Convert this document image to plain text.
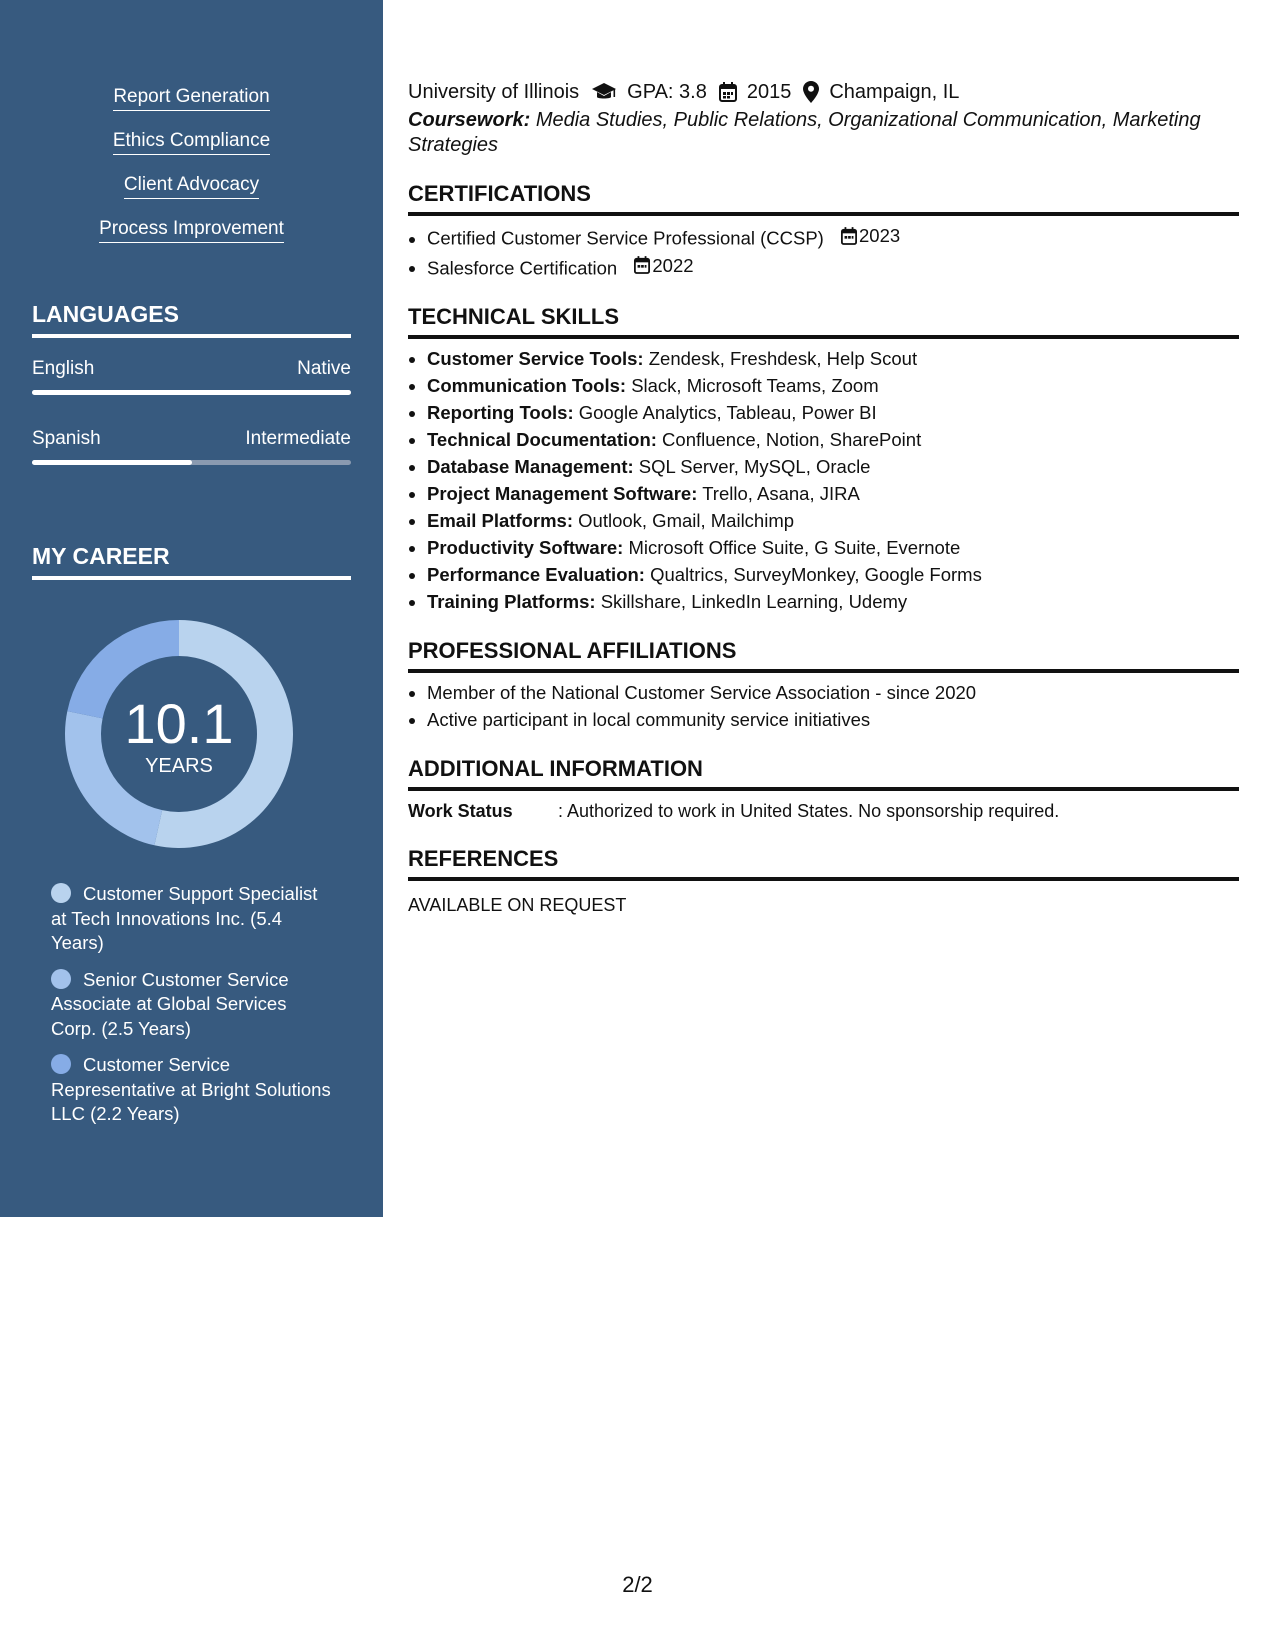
Report Generation
Ethics Compliance
Client Advocacy
Process Improvement
LANGUAGES
English	Native
Spanish	Intermediate
MY CAREER
10.1
YEARS
Customer Support Specialist at Tech Innovations Inc. (5.4 Years)
Senior Customer Service Associate at Global Services Corp. (2.5 Years)
Customer Service Representative at Bright Solutions LLC (2.2 Years)
University of Illinois GPA: 3.8 2015 Champaign, IL
Coursework: Media Studies, Public Relations, Organizational Communication, Marketing Strategies
CERTIFICATIONS
• Certified Customer Service Professional (CCSP) 2023
• Salesforce Certification 2022
TECHNICAL SKILLS
• Customer Service Tools: Zendesk, Freshdesk, Help Scout
• Communication Tools: Slack, Microsoft Teams, Zoom
• Reporting Tools: Google Analytics, Tableau, Power BI
• Technical Documentation: Confluence, Notion, SharePoint
• Database Management: SQL Server, MySQL, Oracle
• Project Management Software: Trello, Asana, JIRA
• Email Platforms: Outlook, Gmail, Mailchimp
• Productivity Software: Microsoft Office Suite, G Suite, Evernote
• Performance Evaluation: Qualtrics, SurveyMonkey, Google Forms
• Training Platforms: Skillshare, LinkedIn Learning, Udemy
PROFESSIONAL AFFILIATIONS
• Member of the National Customer Service Association - since 2020
• Active participant in local community service initiatives
ADDITIONAL INFORMATION
Work Status	: Authorized to work in United States. No sponsorship required.
REFERENCES
AVAILABLE ON REQUEST
2/2
